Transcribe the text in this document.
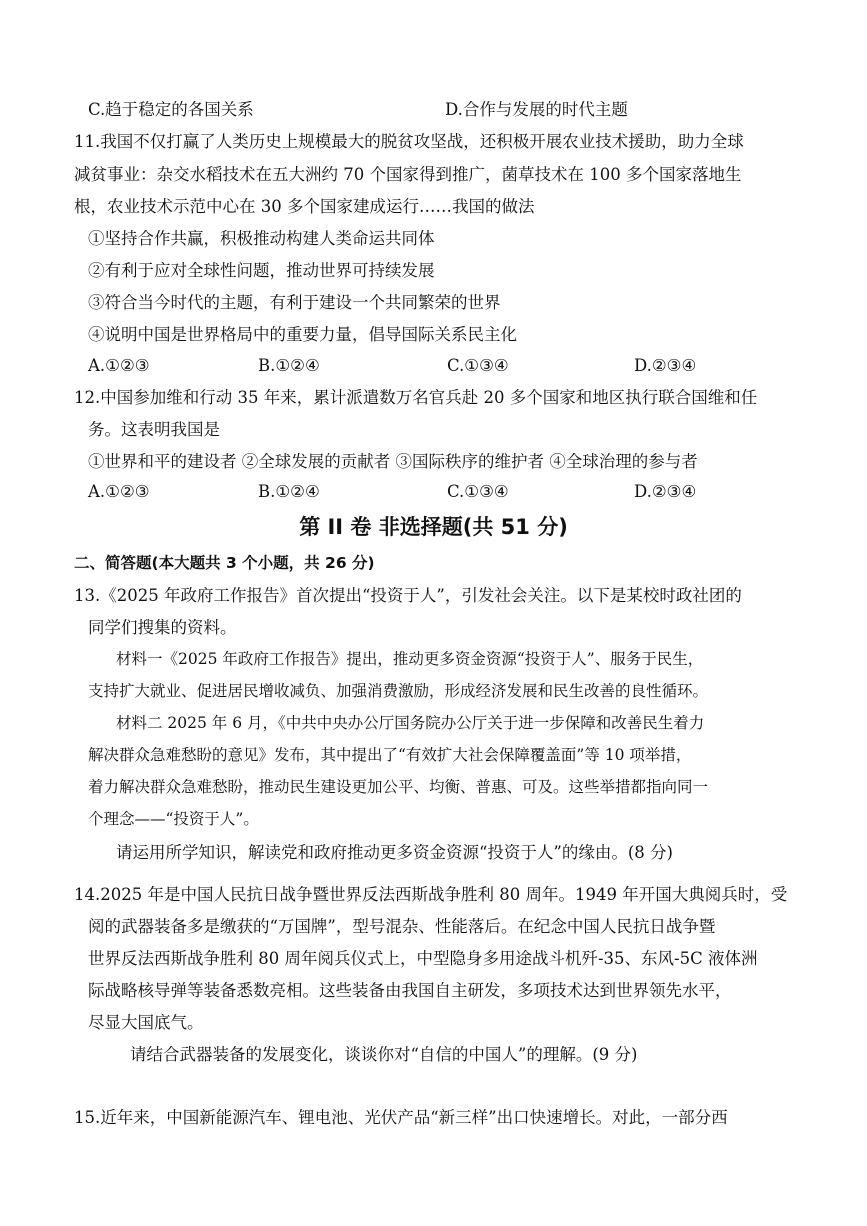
C.趋于稳定的各国关系	D.合作与发展的时代主题
11.我国不仅打赢了人类历史上规模最大的脱贫攻坚战，还积极开展农业技术援助，助力全球
减贫事业：杂交水稻技术在五大洲约 70 个国家得到推广，菌草技术在 100 多个国家落地生
根，农业技术示范中心在 30 多个国家建成运行……我国的做法
①坚持合作共赢，积极推动构建人类命运共同体
②有利于应对全球性问题，推动世界可持续发展
③符合当今时代的主题，有利于建设一个共同繁荣的世界
④说明中国是世界格局中的重要力量，倡导国际关系民主化
A.①②③	B.①②④	C.①③④	D.②③④
12.中国参加维和行动 35 年来，累计派遣数万名官兵赴 20 多个国家和地区执行联合国维和任
务。这表明我国是
①世界和平的建设者 ②全球发展的贡献者 ③国际秩序的维护者 ④全球治理的参与者
A.①②③	B.①②④	C.①③④	D.②③④
第 II 卷 非选择题(共 51 分)
二、简答题(本大题共 3 个小题，共 26 分)
13.《2025 年政府工作报告》首次提出“投资于人”，引发社会关注。以下是某校时政社团的
同学们搜集的资料。
材料一《2025 年政府工作报告》提出，推动更多资金资源“投资于人”、服务于民生，
支持扩大就业、促进居民增收减负、加强消费激励，形成经济发展和民生改善的良性循环。
材料二 2025 年 6 月，《中共中央办公厅国务院办公厅关于进一步保障和改善民生着力
解决群众急难愁盼的意见》发布，其中提出了“有效扩大社会保障覆盖面”等 10 项举措，
着力解决群众急难愁盼，推动民生建设更加公平、均衡、普惠、可及。这些举措都指向同一
个理念——“投资于人”。
请运用所学知识，解读党和政府推动更多资金资源“投资于人”的缘由。(8 分)
14.2025 年是中国人民抗日战争暨世界反法西斯战争胜利 80 周年。1949 年开国大典阅兵时，受
阅的武器装备多是缴获的“万国牌”，型号混杂、性能落后。在纪念中国人民抗日战争暨
世界反法西斯战争胜利 80 周年阅兵仪式上，中型隐身多用途战斗机歼-35、东风-5C 液体洲
际战略核导弹等装备悉数亮相。这些装备由我国自主研发，多项技术达到世界领先水平，
尽显大国底气。
请结合武器装备的发展变化，谈谈你对“自信的中国人”的理解。(9 分)
15.近年来，中国新能源汽车、锂电池、光伏产品“新三样”出口快速增长。对此，一部分西
